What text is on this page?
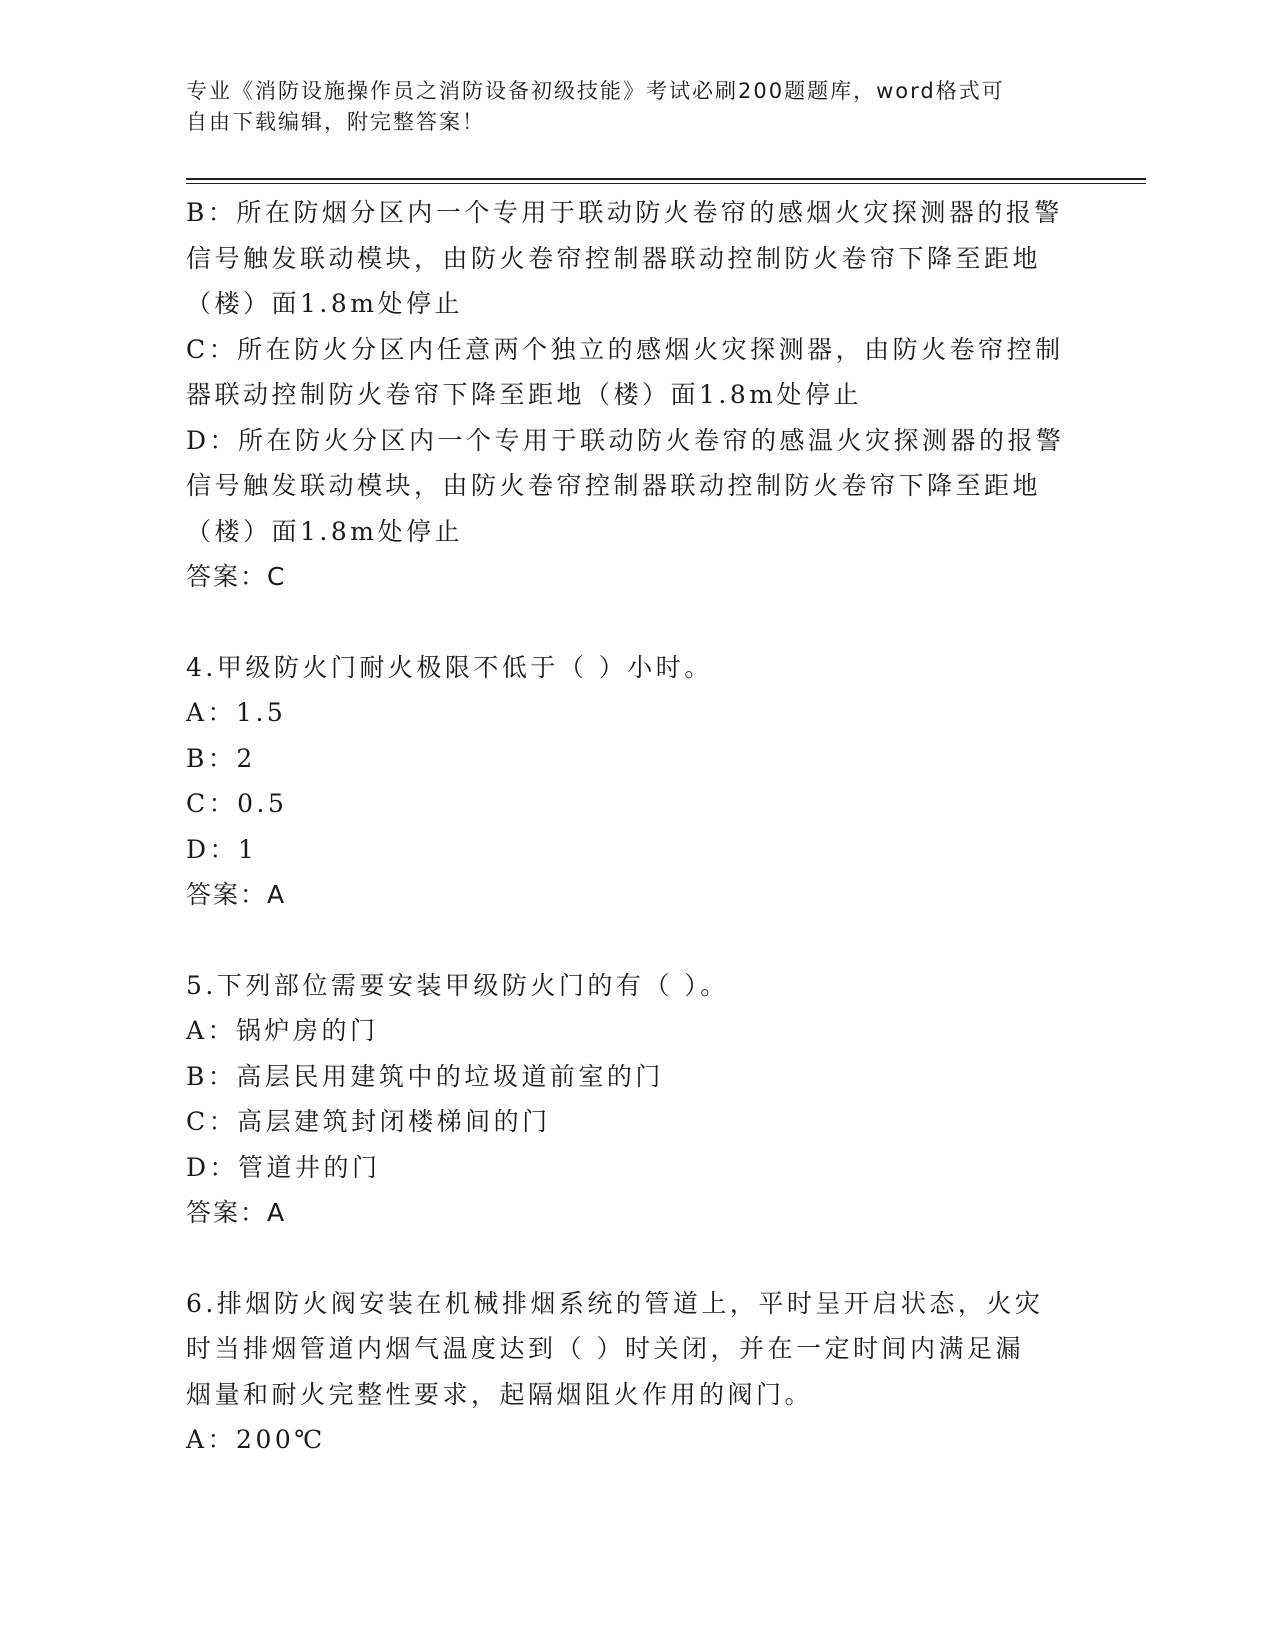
专业《消防设施操作员之消防设备初级技能》考试必刷200题题库，word格式可
自由下载编辑，附完整答案！
B：所在防烟分区内一个专用于联动防火卷帘的感烟火灾探测器的报警
信号触发联动模块，由防火卷帘控制器联动控制防火卷帘下降至距地
（楼）面1.8m处停止
C：所在防火分区内任意两个独立的感烟火灾探测器，由防火卷帘控制
器联动控制防火卷帘下降至距地（楼）面1.8m处停止
D：所在防火分区内一个专用于联动防火卷帘的感温火灾探测器的报警
信号触发联动模块，由防火卷帘控制器联动控制防火卷帘下降至距地
（楼）面1.8m处停止
答案：C
4.甲级防火门耐火极限不低于（ ）小时。
A：1.5
B：2
C：0.5
D：1
答案：A
5.下列部位需要安装甲级防火门的有（ ）。
A：锅炉房的门
B：高层民用建筑中的垃圾道前室的门
C：高层建筑封闭楼梯间的门
D：管道井的门
答案：A
6.排烟防火阀安装在机械排烟系统的管道上，平时呈开启状态，火灾
时当排烟管道内烟气温度达到（ ）时关闭，并在一定时间内满足漏
烟量和耐火完整性要求，起隔烟阻火作用的阀门。
A：200℃
